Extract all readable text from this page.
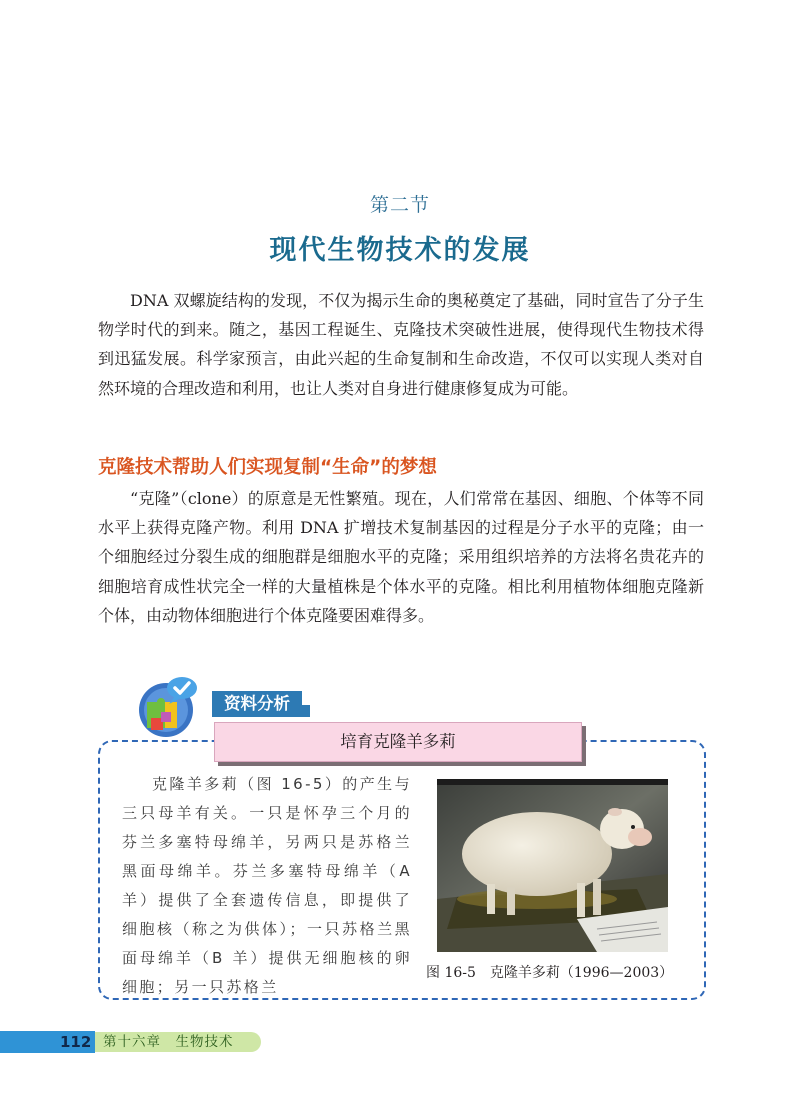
第二节
现代生物技术的发展
DNA 双螺旋结构的发现，不仅为揭示生命的奥秘奠定了基础，同时宣告了分子生物学时代的到来。随之，基因工程诞生、克隆技术突破性进展，使得现代生物技术得到迅猛发展。科学家预言，由此兴起的生命复制和生命改造，不仅可以实现人类对自然环境的合理改造和利用，也让人类对自身进行健康修复成为可能。
克隆技术帮助人们实现复制“生命”的梦想
“克隆”（clone）的原意是无性繁殖。现在，人们常常在基因、细胞、个体等不同水平上获得克隆产物。利用 DNA 扩增技术复制基因的过程是分子水平的克隆；由一个细胞经过分裂生成的细胞群是细胞水平的克隆；采用组织培养的方法将名贵花卉的细胞培育成性状完全一样的大量植株是个体水平的克隆。相比利用植物体细胞克隆新个体，由动物体细胞进行个体克隆要困难得多。
资料分析
培育克隆羊多莉
克隆羊多莉（图 16-5）的产生与三只母羊有关。一只是怀孕三个月的芬兰多塞特母绵羊，另两只是苏格兰黑面母绵羊。芬兰多塞特母绵羊（A 羊）提供了全套遗传信息，即提供了细胞核（称之为供体）；一只苏格兰黑面母绵羊（B 羊）提供无细胞核的卵细胞；另一只苏格兰
图 16-5　克隆羊多莉（1996—2003）
112 第十六章　生物技术
